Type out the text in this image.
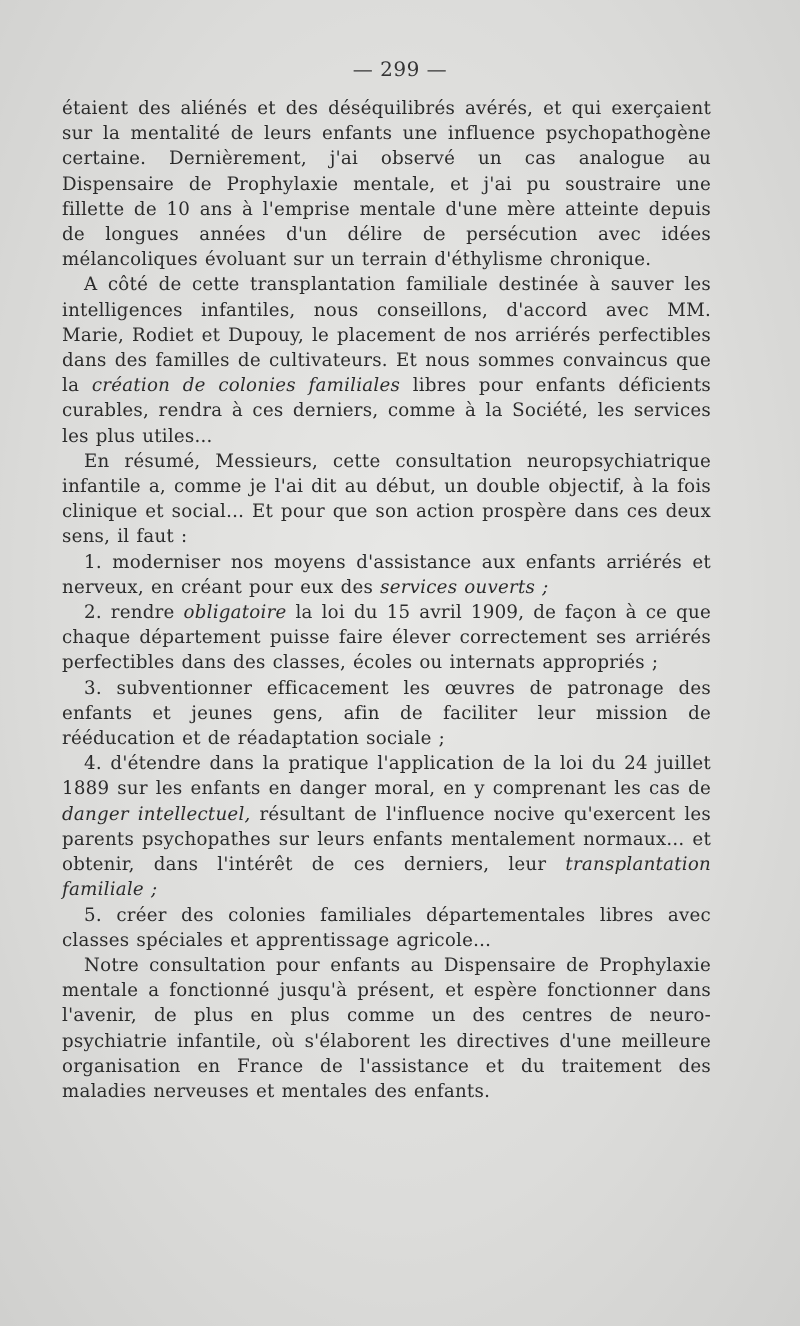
— 299 —

étaient des aliénés et des déséquilibrés avérés, et qui exerçaient sur la mentalité de leurs enfants une influence psychopathogène certaine. Dernièrement, j'ai observé un cas analogue au Dispensaire de Prophylaxie mentale, et j'ai pu soustraire une fillette de 10 ans à l'emprise mentale d'une mère atteinte depuis de longues années d'un délire de persécution avec idées mélancoliques évoluant sur un terrain d'éthylisme chronique.

A côté de cette transplantation familiale destinée à sauver les intelligences infantiles, nous conseillons, d'accord avec MM. Marie, Rodiet et Dupouy, le placement de nos arriérés perfectibles dans des familles de cultivateurs. Et nous sommes convaincus que la création de colonies familiales libres pour enfants déficients curables, rendra à ces derniers, comme à la Société, les services les plus utiles...

En résumé, Messieurs, cette consultation neuropsychiatrique infantile a, comme je l'ai dit au début, un double objectif, à la fois clinique et social... Et pour que son action prospère dans ces deux sens, il faut :

1. moderniser nos moyens d'assistance aux enfants arriérés et nerveux, en créant pour eux des services ouverts ;

2. rendre obligatoire la loi du 15 avril 1909, de façon à ce que chaque département puisse faire élever correctement ses arriérés perfectibles dans des classes, écoles ou internats appropriés ;

3. subventionner efficacement les œuvres de patronage des enfants et jeunes gens, afin de faciliter leur mission de rééducation et de réadaptation sociale ;

4. d'étendre dans la pratique l'application de la loi du 24 juillet 1889 sur les enfants en danger moral, en y comprenant les cas de danger intellectuel, résultant de l'influence nocive qu'exercent les parents psychopathes sur leurs enfants mentalement normaux... et obtenir, dans l'intérêt de ces derniers, leur transplantation familiale ;

5. créer des colonies familiales départementales libres avec classes spéciales et apprentissage agricole...

Notre consultation pour enfants au Dispensaire de Prophylaxie mentale a fonctionné jusqu'à présent, et espère fonctionner dans l'avenir, de plus en plus comme un des centres de neuro-psychiatrie infantile, où s'élaborent les directives d'une meilleure organisation en France de l'assistance et du traitement des maladies nerveuses et mentales des enfants.
